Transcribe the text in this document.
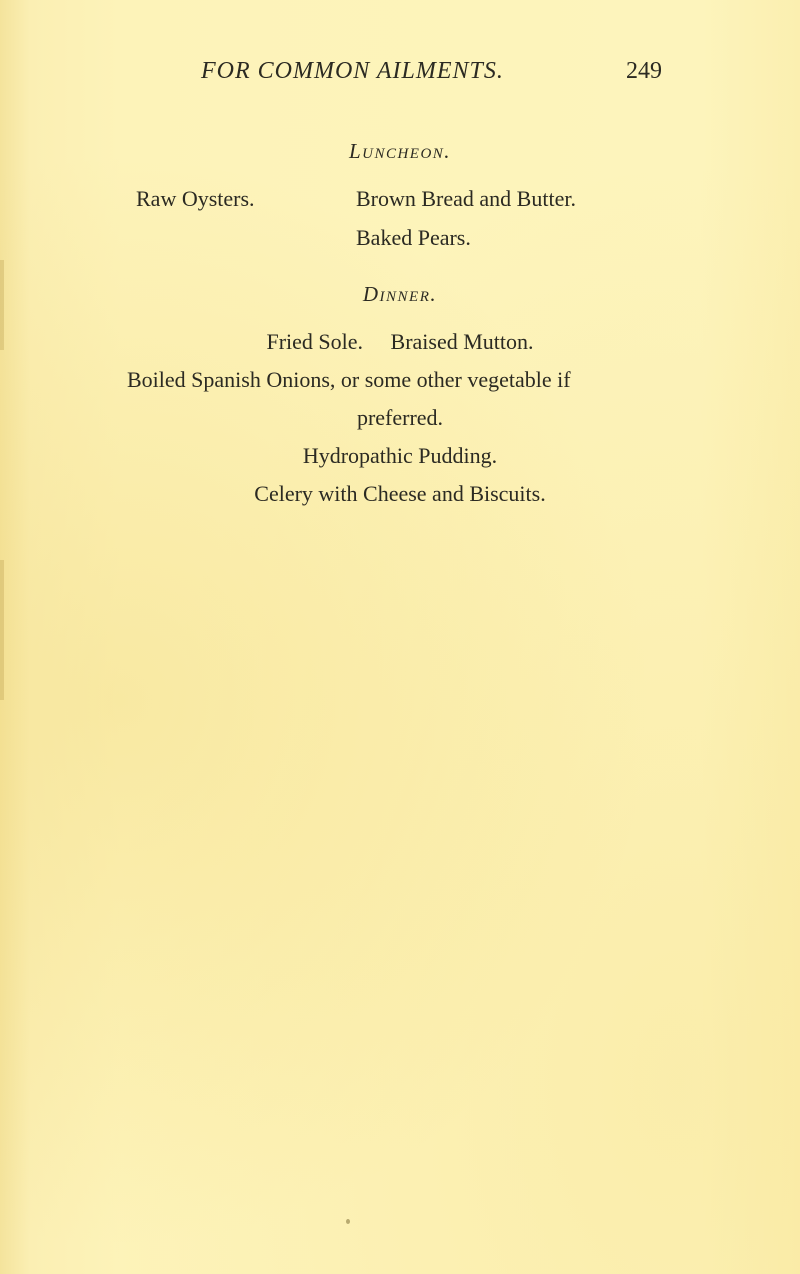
FOR COMMON AILMENTS.	249
Luncheon.
Raw Oysters.	Brown Bread and Butter.
Baked Pears.
Dinner.
Fried Sole.     Braised Mutton.
Boiled Spanish Onions, or some other vegetable if
preferred.
Hydropathic Pudding.
Celery with Cheese and Biscuits.
